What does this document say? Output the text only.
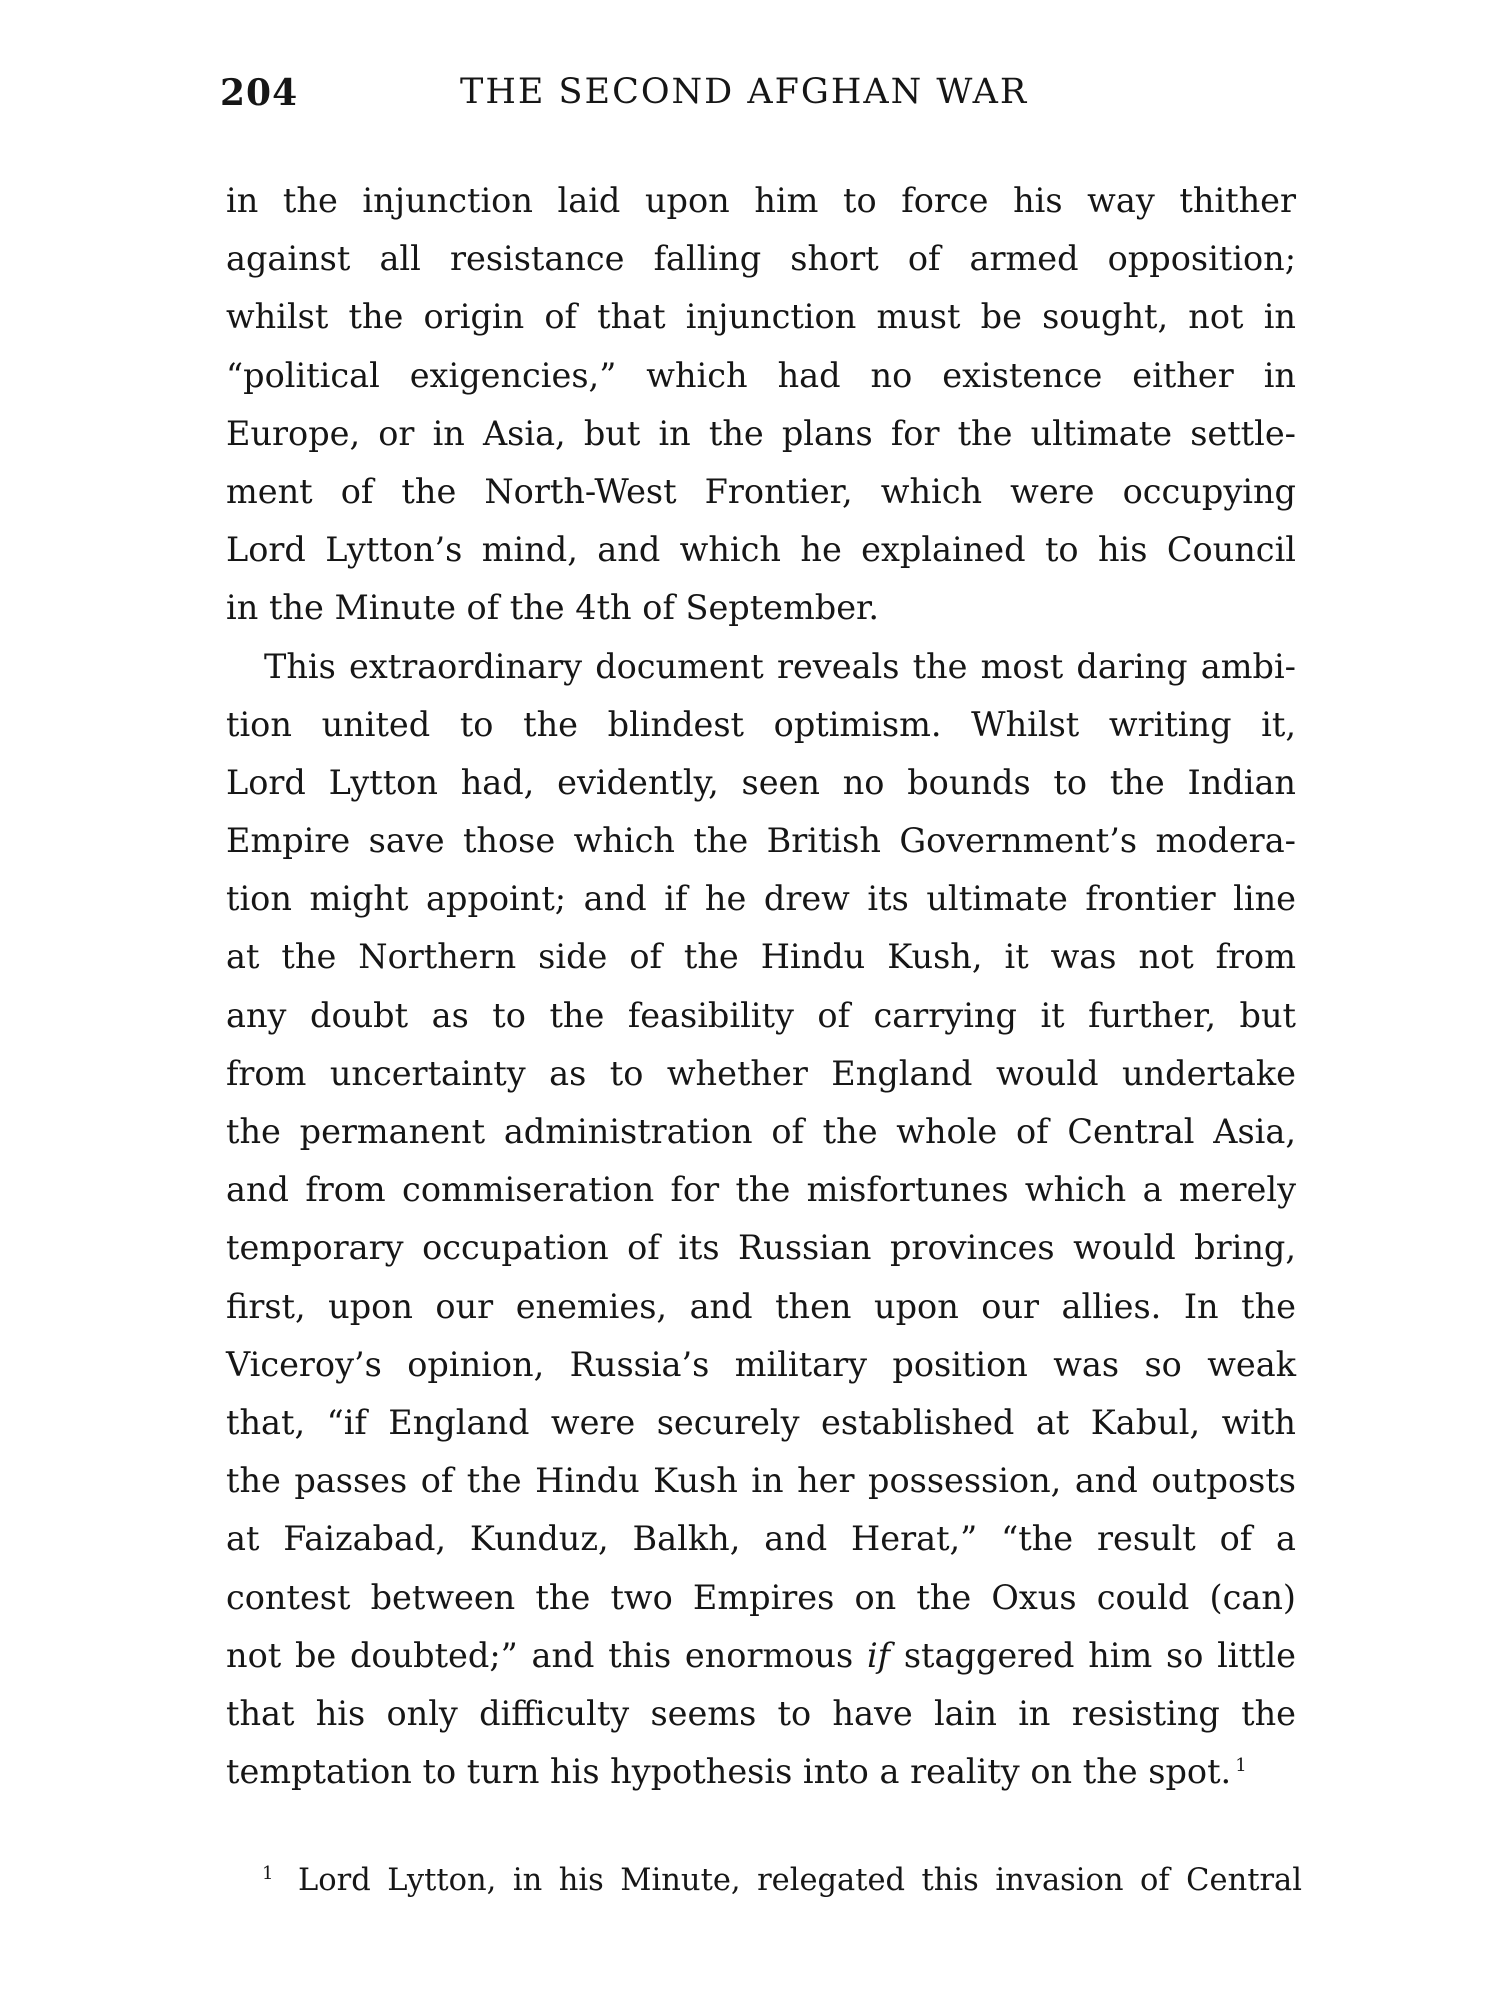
204	THE SECOND AFGHAN WAR
in the injunction laid upon him to force his way thither
against all resistance falling short of armed opposition;
whilst the origin of that injunction must be sought, not in
“political exigencies,” which had no existence either in
Europe, or in Asia, but in the plans for the ultimate settle-
ment of the North-West Frontier, which were occupying
Lord Lytton’s mind, and which he explained to his Council
in the Minute of the 4th of September.
This extraordinary document reveals the most daring ambi-
tion united to the blindest optimism. Whilst writing it,
Lord Lytton had, evidently, seen no bounds to the Indian
Empire save those which the British Government’s modera-
tion might appoint; and if he drew its ultimate frontier line
at the Northern side of the Hindu Kush, it was not from
any doubt as to the feasibility of carrying it further, but
from uncertainty as to whether England would undertake
the permanent administration of the whole of Central Asia,
and from commiseration for the misfortunes which a merely
temporary occupation of its Russian provinces would bring,
first, upon our enemies, and then upon our allies. In the
Viceroy’s opinion, Russia’s military position was so weak
that, “if England were securely established at Kabul, with
the passes of the Hindu Kush in her possession, and outposts
at Faizabad, Kunduz, Balkh, and Herat,” “the result of a
contest between the two Empires on the Oxus could (can)
not be doubted;” and this enormous if staggered him so little
that his only difficulty seems to have lain in resisting the
temptation to turn his hypothesis into a reality on the spot. $^1$
$^1$ Lord Lytton, in his Minute, relegated this invasion of Central
